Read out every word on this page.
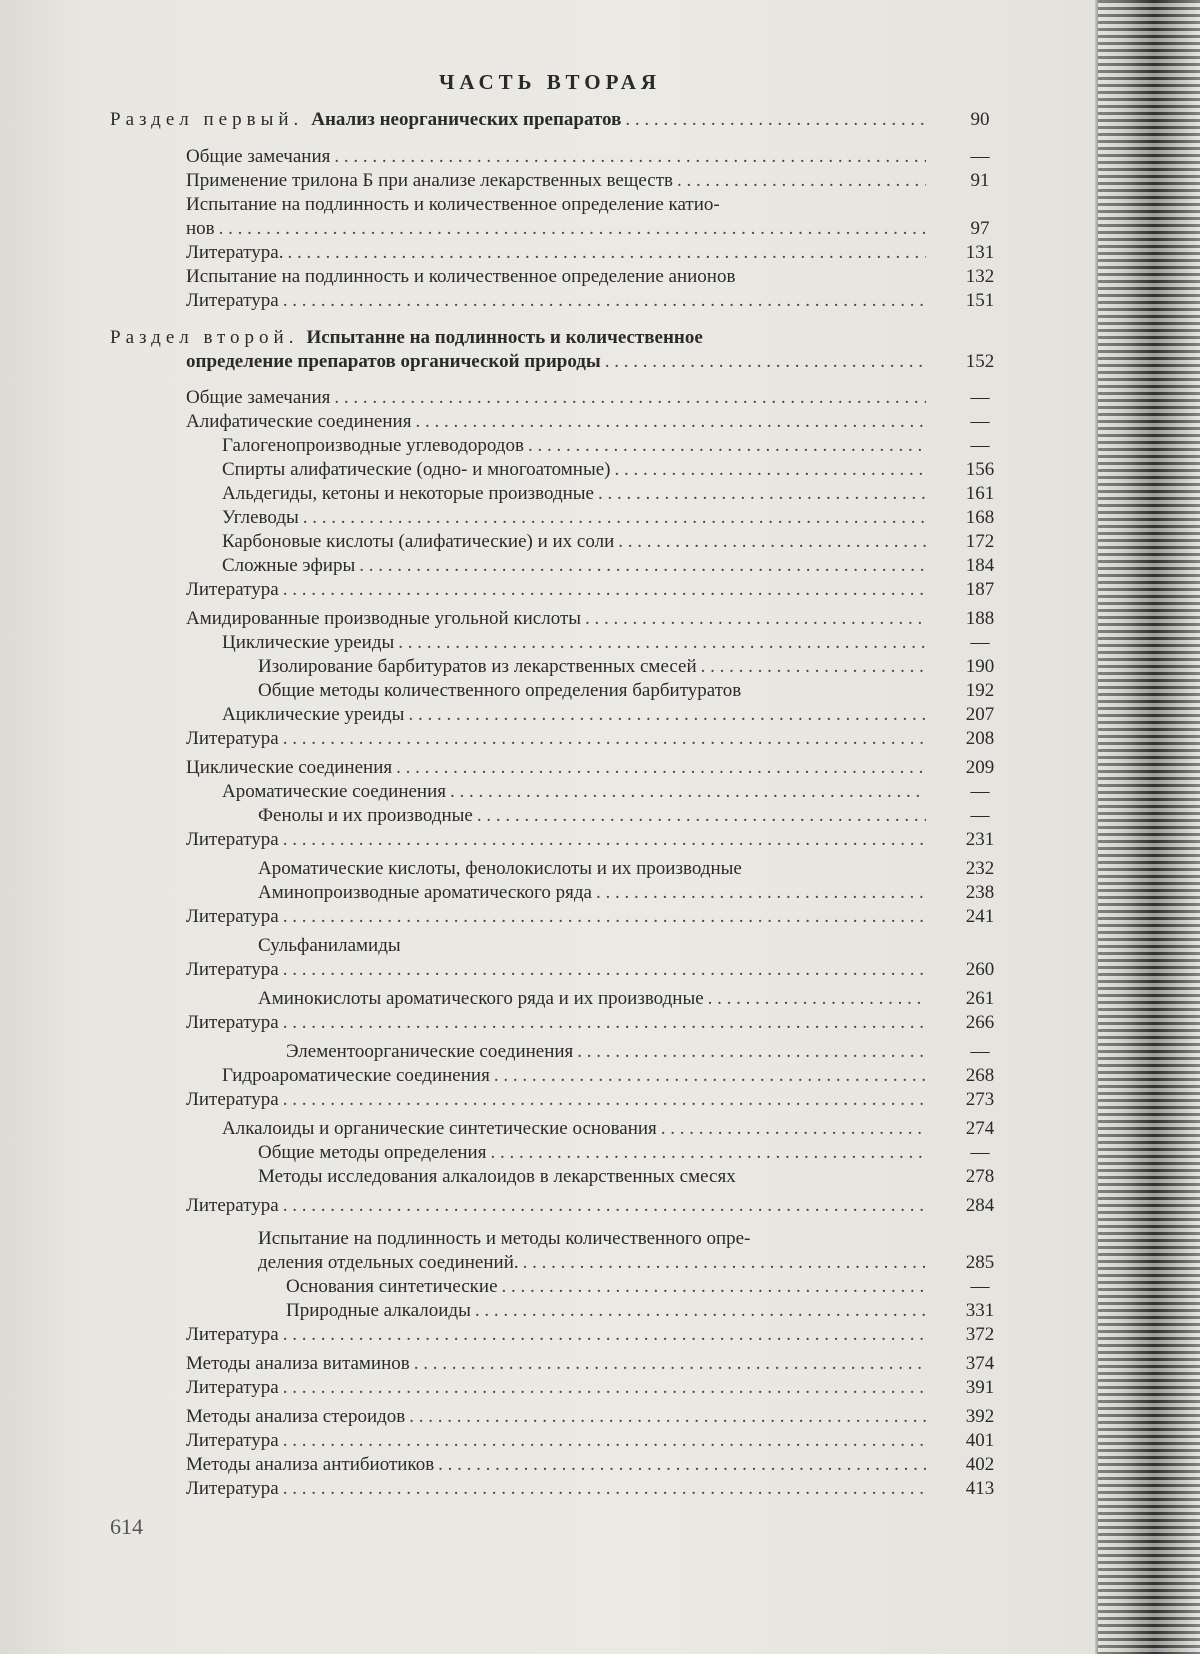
ЧАСТЬ ВТОРАЯ
Раздел первый. Анализ неорганических препаратов . . .	90
Общие замечания . . .	—
Применение трилона Б при анализе лекарственных веществ . . .	91
Испытание на подлинность и количественное определение катио-
нов . . .	97
Литература. . . .	131
Испытание на подлинность и количественное определение анионов	132
Литература . . .	151
Раздел второй. Испытанне на подлинность и количественное
определение препаратов органической природы . . .	152
Общие замечания . . .	—
Алифатические соединения . . .	—
Галогенопроизводные углеводородов . . .	—
Спирты алифатические (одно- и многоатомные) . . .	156
Альдегиды, кетоны и некоторые производные . . .	161
Углеводы . . .	168
Карбоновые кислоты (алифатические) и их соли . . .	172
Сложные эфиры . . .	184
Литература . . .	187
Амидированные производные угольной кислоты . . .	188
Циклические уреиды . . .	—
Изолирование барбитуратов из лекарственных смесей . . .	190
Общие методы количественного определения барбитуратов	192
Ациклические уреиды . . .	207
Литература . . .	208
Циклические соединения . . .	209
Ароматические соединения . . .	—
Фенолы и их производные . . .	—
Литература . . .	231
Ароматические кислоты, фенолокислоты и их производные	232
Аминопроизводные ароматического ряда . . .	238
Литература . . .	241
Сульфаниламиды
Литература . . .	260
Аминокислоты ароматического ряда и их производные . . .	261
Литература . . .	266
Элементоорганические соединения . . .	—
Гидроароматические соединения . . .	268
Литература . . .	273
Алкалоиды и органические синтетические основания . . .	274
Общие методы определения . . .	—
Методы исследования алкалоидов в лекарственных смесях	278
Литература . . .	284
Испытание на подлинность и методы количественного опре-
деления отдельных соединений. . . .	285
Основания синтетические . . .	—
Природные алкалоиды . . .	331
Литература . . .	372
Методы анализа витаминов . . .	374
Литература . . .	391
Методы анализа стероидов . . .	392
Литература . . .	401
Методы анализа антибиотиков . . .	402
Литература . . .	413
614
